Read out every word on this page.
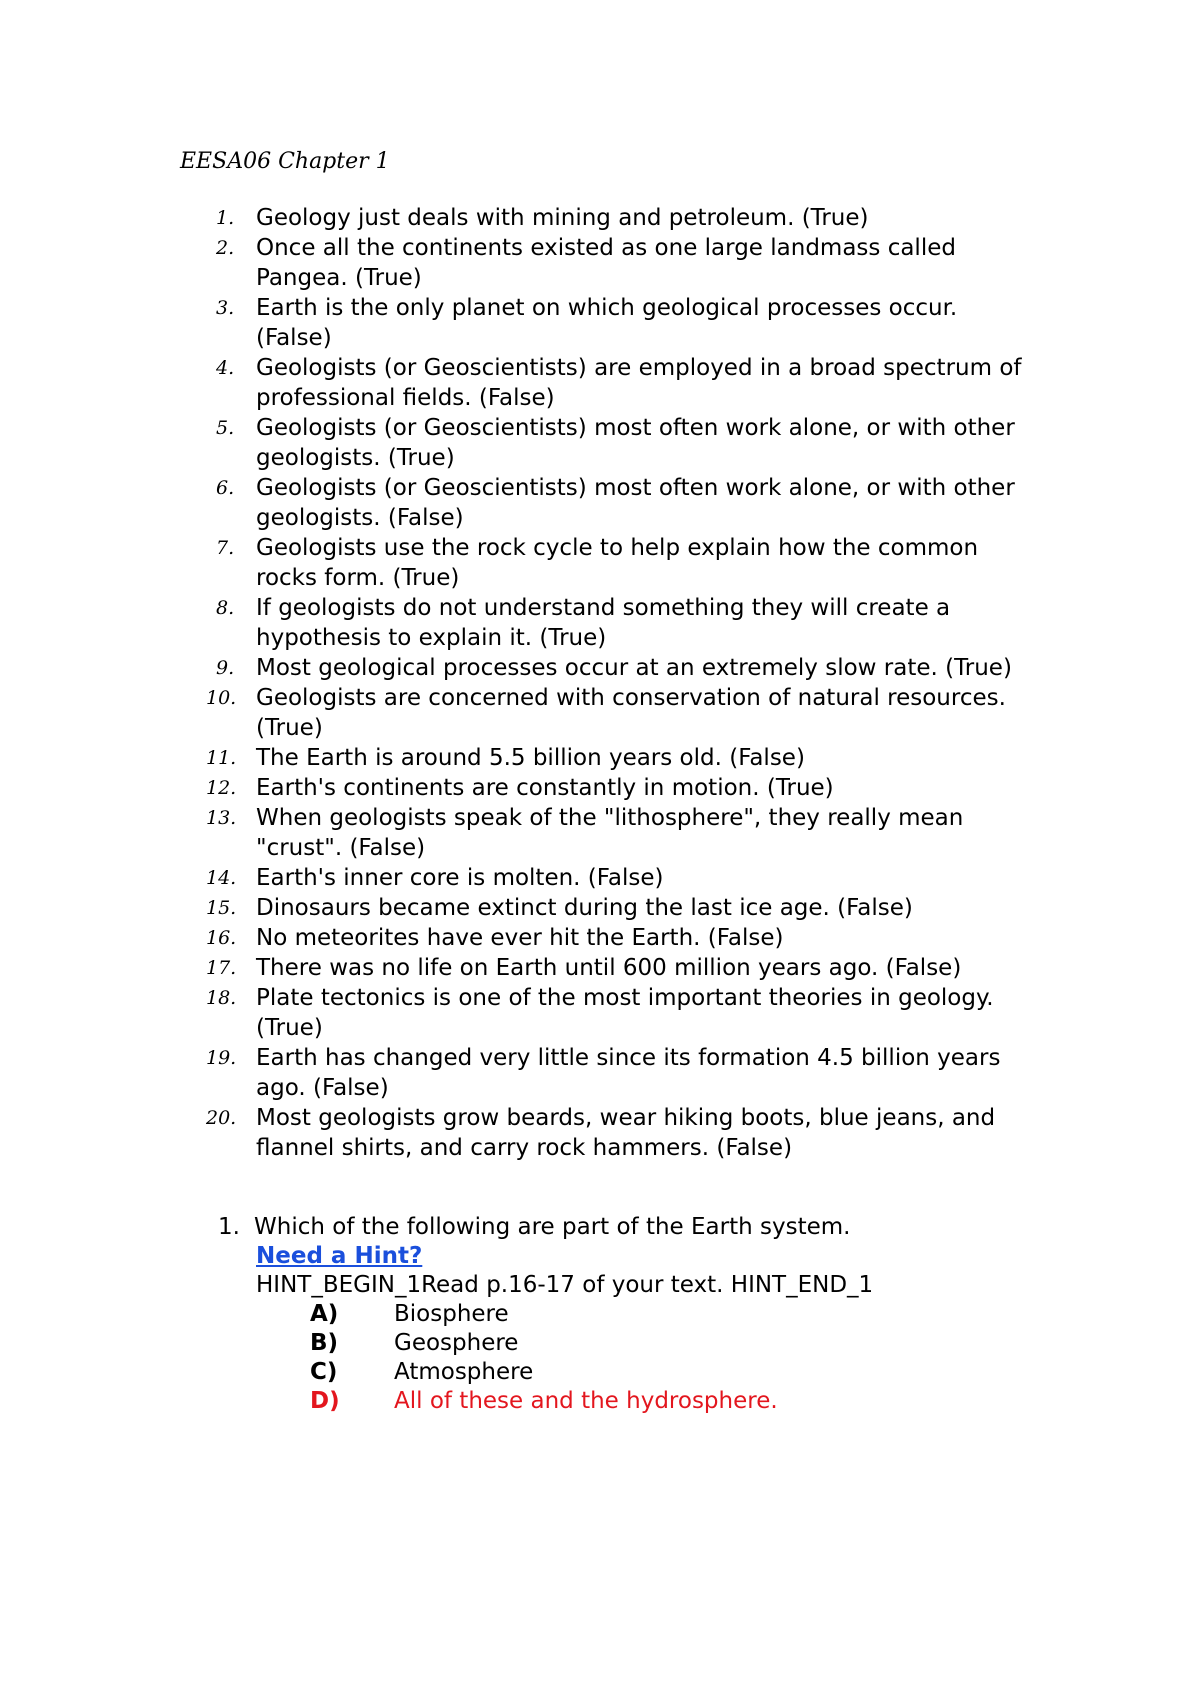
EESA06 Chapter 1
1. Geology just deals with mining and petroleum. (True)
2. Once all the continents existed as one large landmass called Pangea. (True)
3. Earth is the only planet on which geological processes occur. (False)
4. Geologists (or Geoscientists) are employed in a broad spectrum of professional fields. (False)
5. Geologists (or Geoscientists) most often work alone, or with other geologists. (True)
6. Geologists (or Geoscientists) most often work alone, or with other geologists. (False)
7. Geologists use the rock cycle to help explain how the common rocks form. (True)
8. If geologists do not understand something they will create a hypothesis to explain it. (True)
9. Most geological processes occur at an extremely slow rate. (True)
10. Geologists are concerned with conservation of natural resources. (True)
11. The Earth is around 5.5 billion years old. (False)
12. Earth's continents are constantly in motion. (True)
13. When geologists speak of the "lithosphere", they really mean "crust". (False)
14. Earth's inner core is molten. (False)
15. Dinosaurs became extinct during the last ice age. (False)
16. No meteorites have ever hit the Earth. (False)
17. There was no life on Earth until 600 million years ago. (False)
18. Plate tectonics is one of the most important theories in geology. (True)
19. Earth has changed very little since its formation 4.5 billion years ago. (False)
20. Most geologists grow beards, wear hiking boots, blue jeans, and flannel shirts, and carry rock hammers. (False)

1. Which of the following are part of the Earth system.

Need a Hint?
HINT_BEGIN_1Read p.16-17 of your text. HINT_END_1
A) Biosphere
B) Geosphere
C) Atmosphere
D) All of these and the hydrosphere.
